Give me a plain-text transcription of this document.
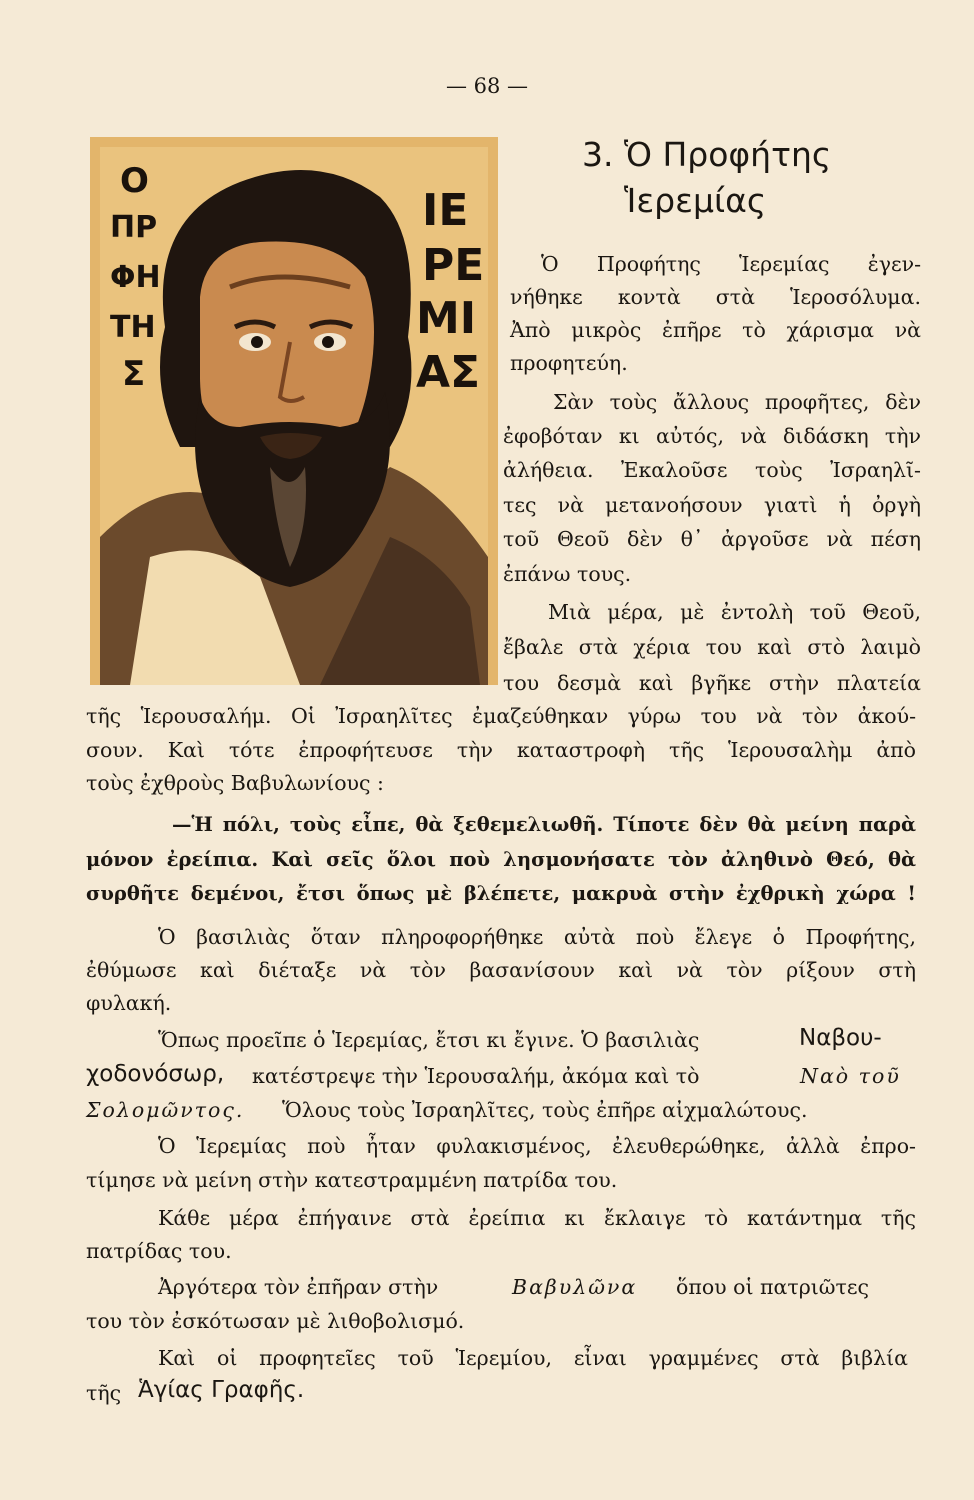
— 68 —
Ο
ΠΡ
ΦΗ
ΤΗ
Σ
ΙΕ
ΡΕ
ΜΙ
ΑΣ
3. Ὁ Προφήτης

Ἱερεμίας
Ὁ Προφήτης Ἱερεμίας ἐγεν-
νήθηκε κοντὰ στὰ Ἱεροσόλυμα.
Ἀπὸ μικρὸς ἐπῆρε τὸ χάρισμα νὰ
προφητεύη.
Σὰν τοὺς ἄλλους προφῆτες, δὲν
ἐφοβόταν κι αὐτός, νὰ διδάσκη τὴν
ἀλήθεια. Ἐκαλοῦσε τοὺς Ἰσραηλῖ-
τες νὰ μετανοήσουν γιατὶ ἡ ὀργὴ
τοῦ Θεοῦ δὲν θ᾽ ἀργοῦσε νὰ πέση
ἐπάνω τους.
Μιὰ μέρα, μὲ ἐντολὴ τοῦ Θεοῦ,
ἔβαλε στὰ χέρια του καὶ στὸ λαιμὸ
του δεσμὰ καὶ βγῆκε στὴν πλατεία
τῆς Ἱερουσαλήμ. Οἱ Ἰσραηλῖτες ἐμαζεύθηκαν γύρω του νὰ τὸν ἀκού-
σουν. Καὶ τότε ἐπροφήτευσε τὴν καταστροφὴ τῆς Ἱερουσαλὴμ ἀπὸ
τοὺς ἐχθροὺς Βαβυλωνίους :
—Ἡ πόλι, τοὺς εἶπε, θὰ ξεθεμελιωθῆ. Τίποτε δὲν θὰ μείνη παρὰ
μόνον ἐρείπια. Καὶ σεῖς ὅλοι ποὺ λησμονήσατε τὸν ἀληθινὸ Θεό, θὰ
συρθῆτε δεμένοι, ἔτσι ὅπως μὲ βλέπετε, μακρυὰ στὴν ἐχθρικὴ χώρα !
Ὁ βασιλιὰς ὅταν πληροφορήθηκε αὐτὰ ποὺ ἔλεγε ὁ Προφήτης,
ἐθύμωσε καὶ διέταξε νὰ τὸν βασανίσουν καὶ νὰ τὸν ρίξουν στὴ
φυλακή.
Ὅπως προεῖπε ὁ Ἱερεμίας, ἔτσι κι ἔγινε. Ὁ βασιλιὰς	Ναβου-
χοδονόσωρ, κατέστρεψε τὴν Ἱερουσαλήμ, ἀκόμα καὶ τὸ	Ναὸ τοῦ
Σολομῶντος. Ὅλους τοὺς Ἰσραηλῖτες, τοὺς ἐπῆρε αἰχμαλώτους.
Ὁ Ἱερεμίας ποὺ ἦταν φυλακισμένος, ἐλευθερώθηκε, ἀλλὰ ἐπρο-
τίμησε νὰ μείνη στὴν κατεστραμμένη πατρίδα του.
Κάθε μέρα ἐπήγαινε στὰ ἐρείπια κι ἔκλαιγε τὸ κατάντημα τῆς
πατρίδας του.
Ἀργότερα τὸν ἐπῆραν στὴν	Βαβυλῶνα ὅπου οἱ πατριῶτες
του τὸν ἐσκότωσαν μὲ λιθοβολισμό.
Καὶ οἱ προφητεῖες τοῦ Ἱερεμίου, εἶναι γραμμένες στὰ βιβλία
τῆς Ἁγίας Γραφῆς.
